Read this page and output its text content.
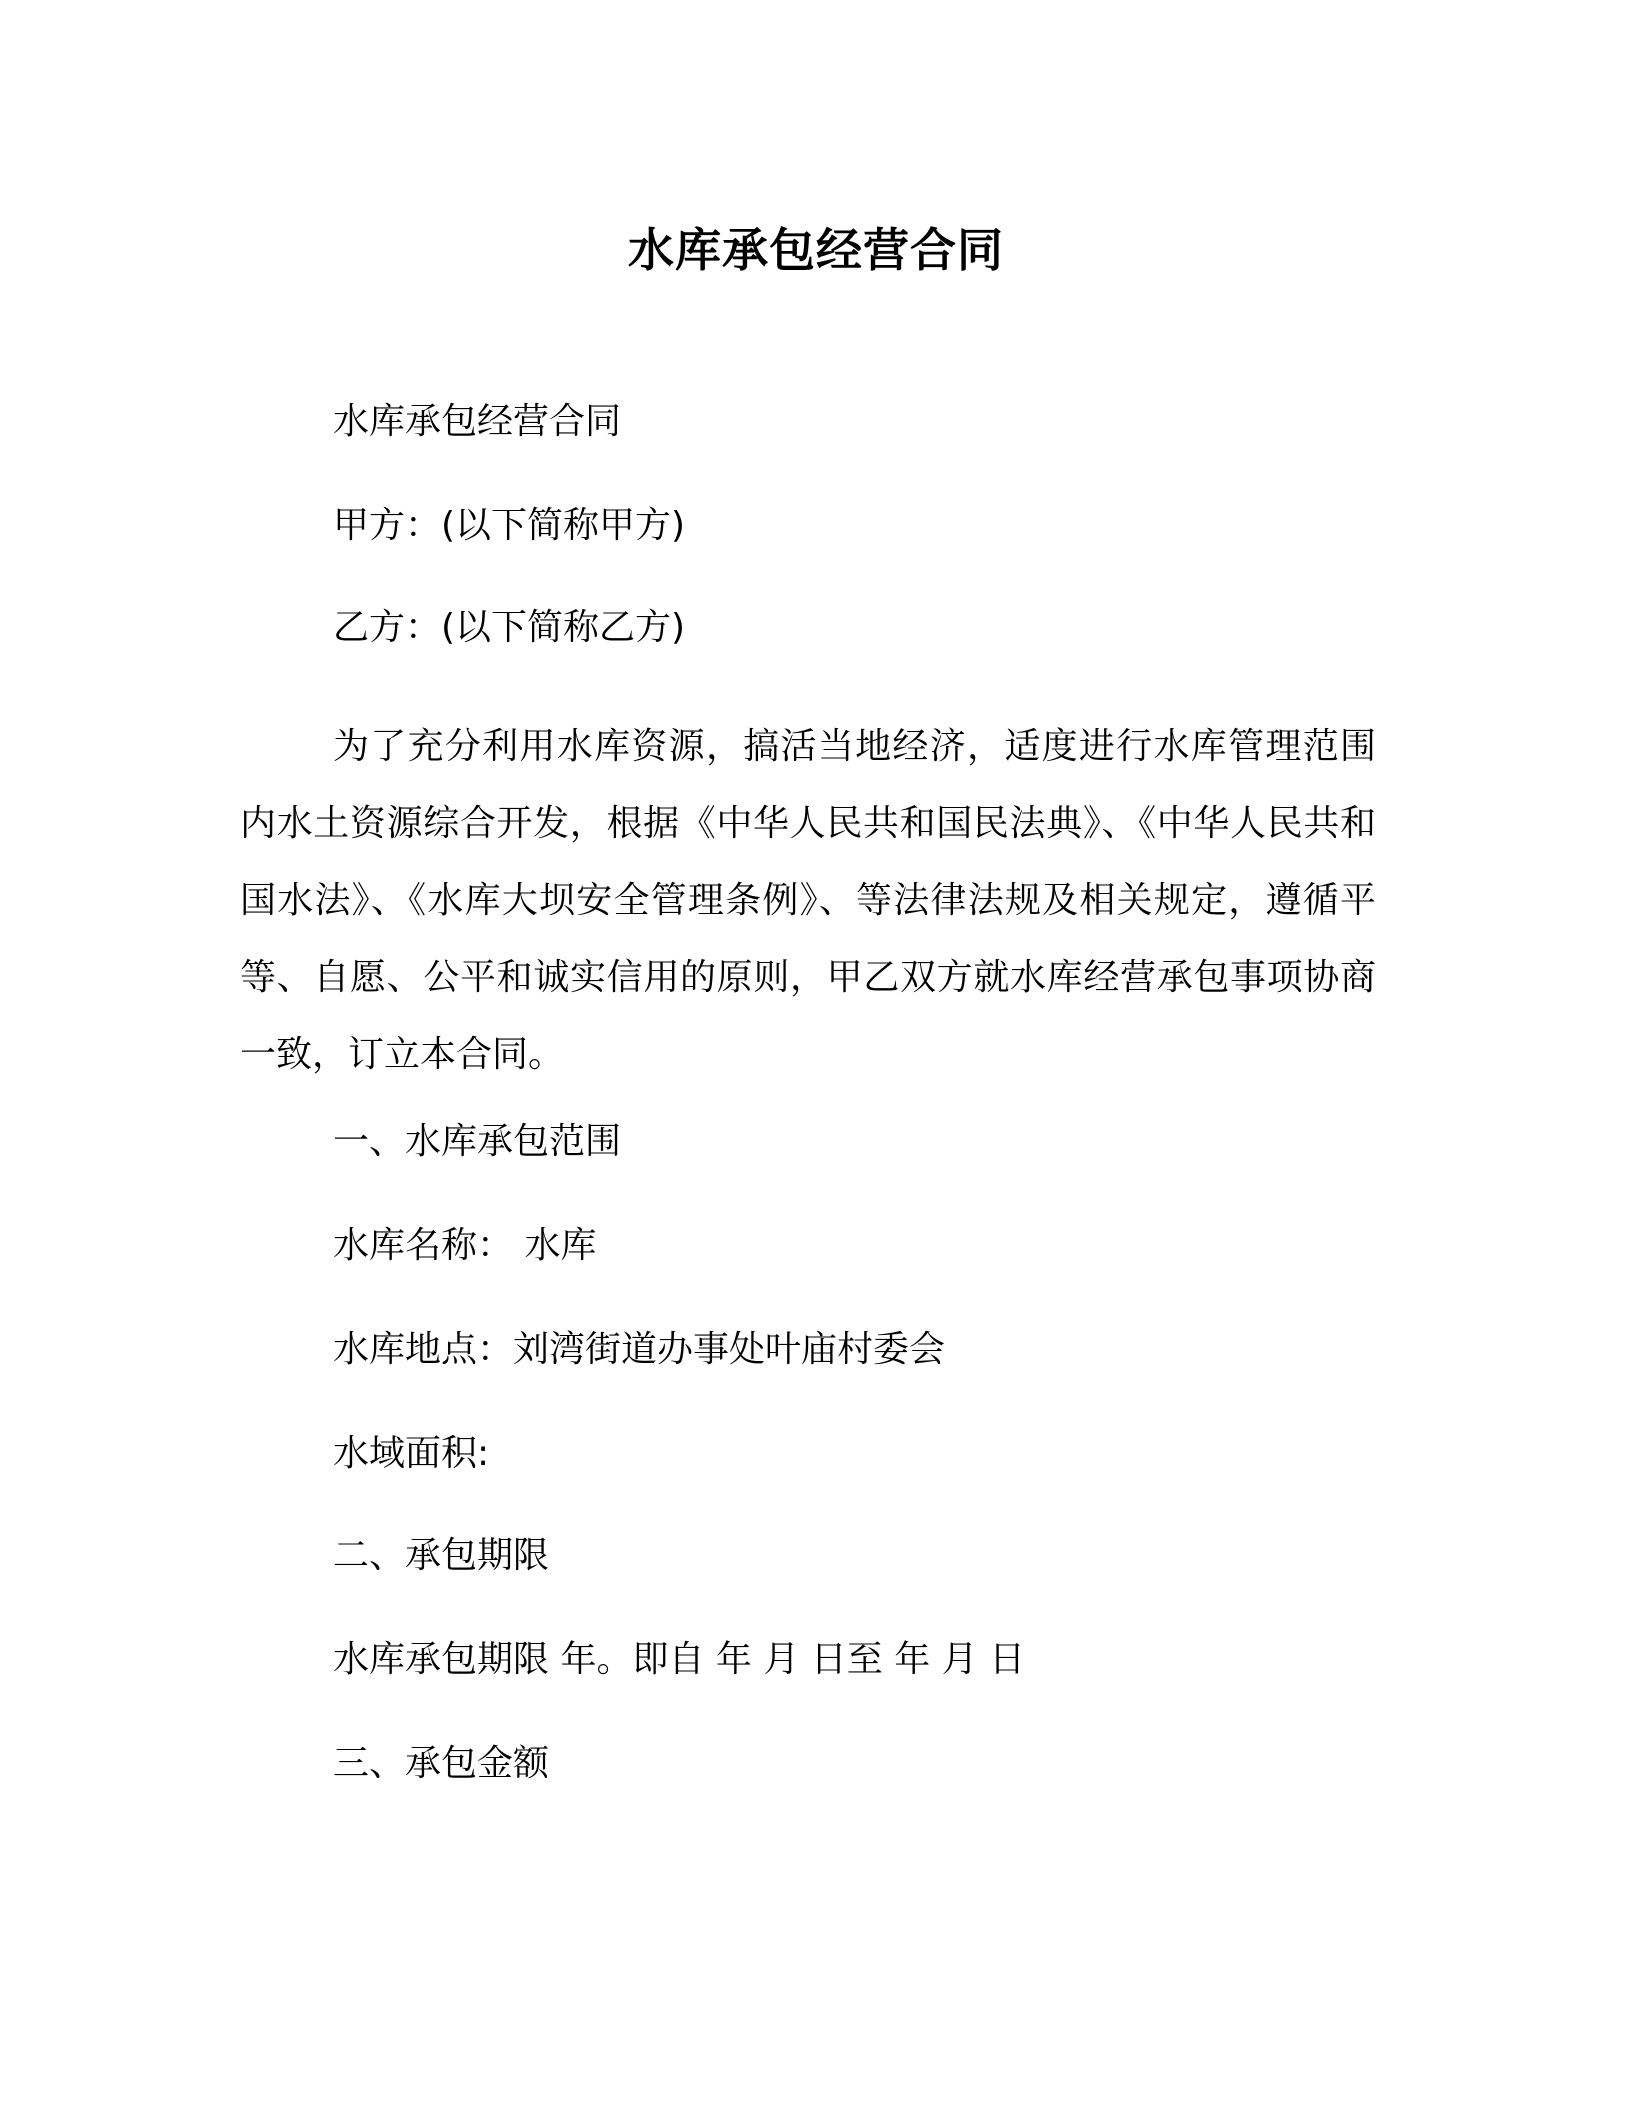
水库承包经营合同
水库承包经营合同
甲方：(以下简称甲方)
乙方：(以下简称乙方)
为了充分利用水库资源，搞活当地经济，适度进行水库管理范围内水土资源综合开发，根据《中华人民共和国民法典》、《中华人民共和国水法》、《水库大坝安全管理条例》、等法律法规及相关规定，遵循平等、自愿、公平和诚实信用的原则，甲乙双方就水库经营承包事项协商一致，订立本合同。
一、水库承包范围
水库名称： 水库
水库地点：刘湾街道办事处叶庙村委会
水域面积:
二、承包期限
水库承包期限 年。即自 年 月 日至 年 月 日
三、承包金额
